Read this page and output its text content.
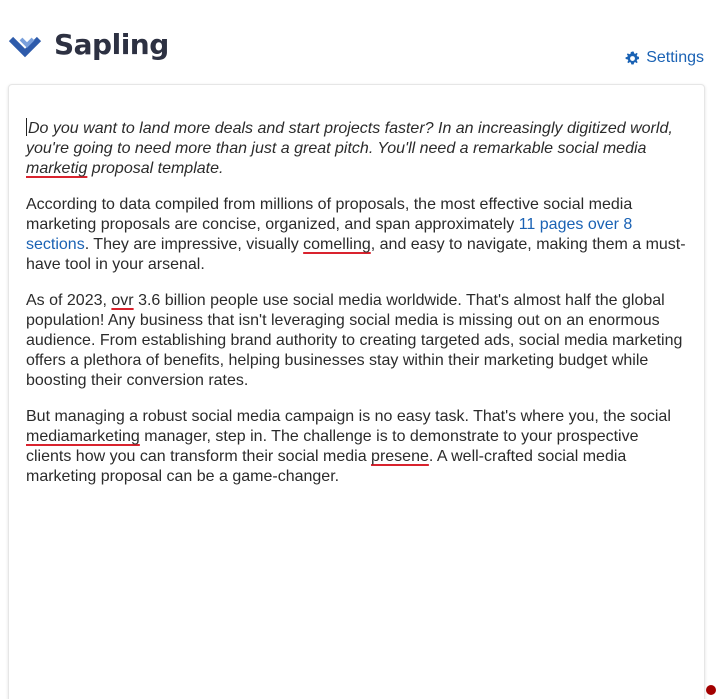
Sapling	Settings

Do you want to land more deals and start projects faster? In an increasingly digitized world, you're going to need more than just a great pitch. You'll need a remarkable social media marketig proposal template.

According to data compiled from millions of proposals, the most effective social media marketing proposals are concise, organized, and span approximately 11 pages over 8 sections. They are impressive, visually comelling, and easy to navigate, making them a must-have tool in your arsenal.

As of 2023, ovr 3.6 billion people use social media worldwide. That's almost half the global population! Any business that isn't leveraging social media is missing out on an enormous audience. From establishing brand authority to creating targeted ads, social media marketing offers a plethora of benefits, helping businesses stay within their marketing budget while boosting their conversion rates.

But managing a robust social media campaign is no easy task. That's where you, the social mediamarketing manager, step in. The challenge is to demonstrate to your prospective clients how you can transform their social media presene. A well-crafted social media marketing proposal can be a game-changer.
